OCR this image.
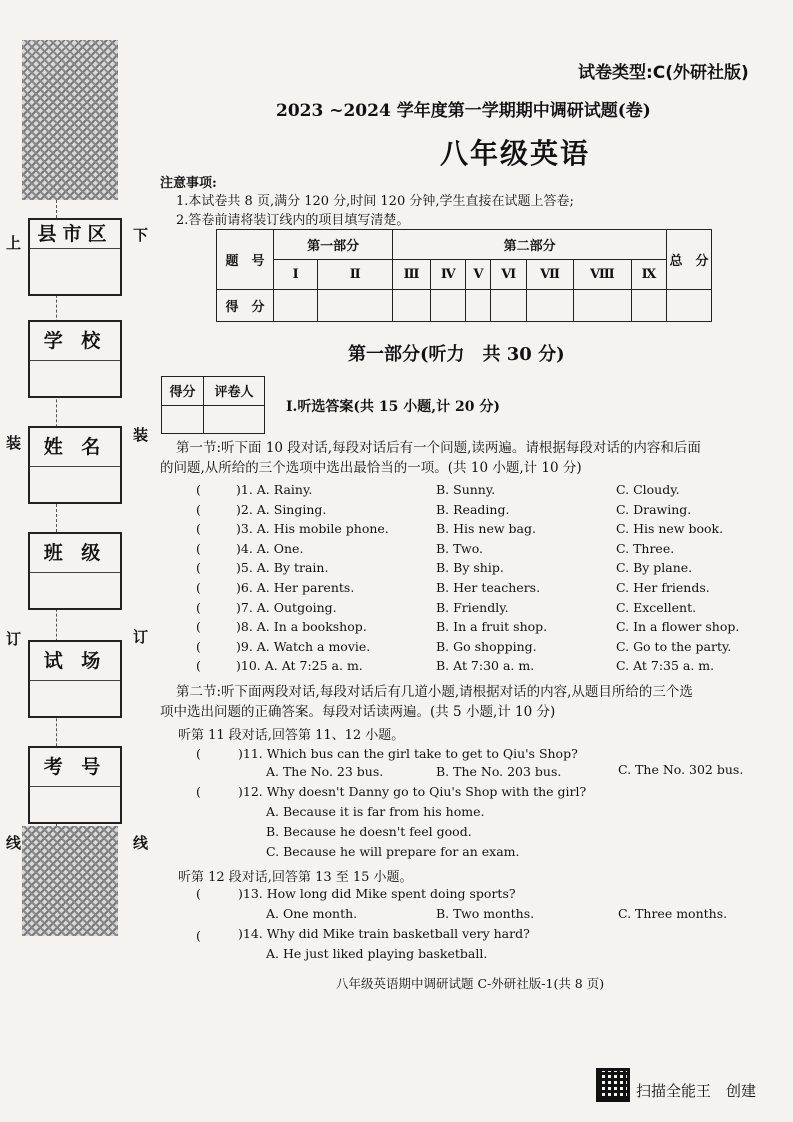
上	下
装	装
订	订
线	线
县市区
学 校
姓 名
班 级
试 场
考 号
试卷类型:C(外研社版)
2023 ~2024 学年度第一学期期中调研试题(卷)
八年级英语
注意事项:
1.本试卷共 8 页,满分 120 分,时间 120 分钟,学生直接在试题上答卷;
2.答卷前请将装订线内的项目填写清楚。
题　号	第一部分		第二部分							总　分
	Ⅰ	Ⅱ	Ⅲ	Ⅳ	Ⅴ	Ⅵ	Ⅶ	Ⅷ	Ⅸ	
得　分										
第一部分(听力　共 30 分)
得分	评卷人

Ⅰ.听选答案(共 15 小题,计 20 分)
第一节:听下面 10 段对话,每段对话后有一个问题,读两遍。请根据每段对话的内容和后面
的问题,从所给的三个选项中选出最恰当的一项。(共 10 小题,计 10 分)
(	)1. A. Rainy.	B. Sunny.	C. Cloudy.
(	)2. A. Singing.	B. Reading.	C. Drawing.
(	)3. A. His mobile phone.	B. His new bag.	C. His new book.
(	)4. A. One.	B. Two.	C. Three.
(	)5. A. By train.	B. By ship.	C. By plane.
(	)6. A. Her parents.	B. Her teachers.	C. Her friends.
(	)7. A. Outgoing.	B. Friendly.	C. Excellent.
(	)8. A. In a bookshop.	B. In a fruit shop.	C. In a flower shop.
(	)9. A. Watch a movie.	B. Go shopping.	C. Go to the party.
(	)10. A. At 7:25 a. m.	B. At 7:30 a. m.	C. At 7:35 a. m.
第二节:听下面两段对话,每段对话后有几道小题,请根据对话的内容,从题目所给的三个选
项中选出问题的正确答案。每段对话读两遍。(共 5 小题,计 10 分)
听第 11 段对话,回答第 11、12 小题。
(	)11. Which bus can the girl take to get to Qiu's Shop?
A. The No. 23 bus.	B. The No. 203 bus.	C. The No. 302 bus.
(	)12. Why doesn't Danny go to Qiu's Shop with the girl?
A. Because it is far from his home.
B. Because he doesn't feel good.
C. Because he will prepare for an exam.
听第 12 段对话,回答第 13 至 15 小题。
(	)13. How long did Mike spent doing sports?
A. One month.	B. Two months.	C. Three months.
(	)14. Why did Mike train basketball very hard?
A. He just liked playing basketball.
八年级英语期中调研试题 C-外研社版-1(共 8 页)
扫描全能王　创建
